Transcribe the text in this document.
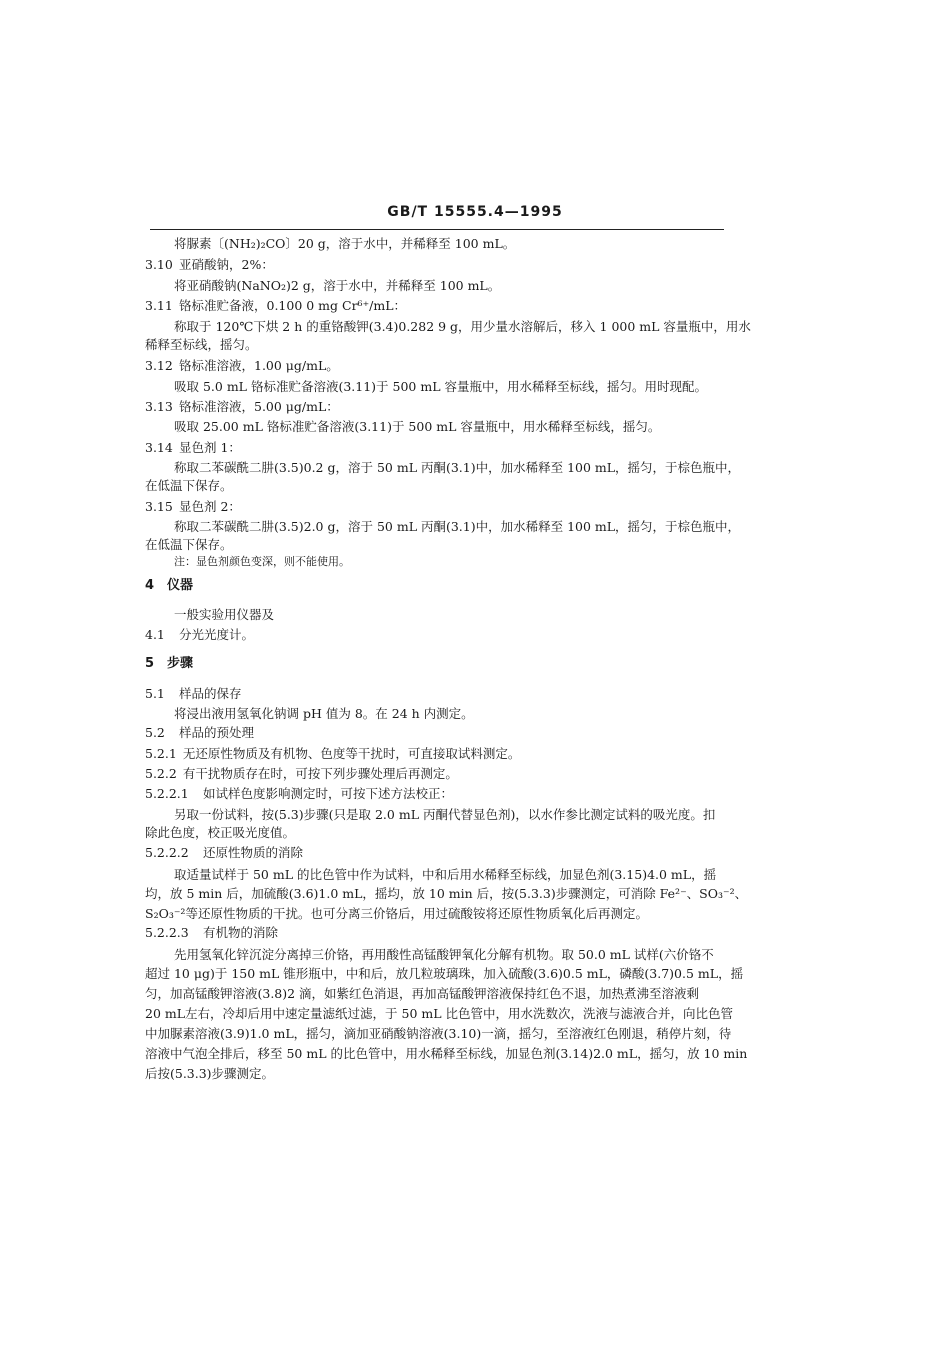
GB/T 15555.4—1995
将脲素〔(NH₂)₂CO〕20 g，溶于水中，并稀释至 100 mL。
3.10 亚硝酸钠，2%：
将亚硝酸钠(NaNO₂)2 g，溶于水中，并稀释至 100 mL。
3.11 铬标准贮备液，0.100 0 mg Cr⁶⁺/mL：
称取于 120℃下烘 2 h 的重铬酸钾(3.4)0.282 9 g，用少量水溶解后，移入 1 000 mL 容量瓶中，用水
稀释至标线，摇匀。
3.12 铬标准溶液，1.00 μg/mL。
吸取 5.0 mL 铬标准贮备溶液(3.11)于 500 mL 容量瓶中，用水稀释至标线，摇匀。用时现配。
3.13 铬标准溶液，5.00 μg/mL：
吸取 25.00 mL 铬标准贮备溶液(3.11)于 500 mL 容量瓶中，用水稀释至标线，摇匀。
3.14 显色剂 1：
称取二苯碳酰二肼(3.5)0.2 g，溶于 50 mL 丙酮(3.1)中，加水稀释至 100 mL，摇匀，于棕色瓶中，
在低温下保存。
3.15 显色剂 2：
称取二苯碳酰二肼(3.5)2.0 g，溶于 50 mL 丙酮(3.1)中，加水稀释至 100 mL，摇匀，于棕色瓶中，
在低温下保存。
注：显色剂颜色变深，则不能使用。
4 仪器
一般实验用仪器及
4.1 分光光度计。
5 步骤
5.1 样品的保存
将浸出液用氢氧化钠调 pH 值为 8。在 24 h 内测定。
5.2 样品的预处理
5.2.1 无还原性物质及有机物、色度等干扰时，可直接取试料测定。
5.2.2 有干扰物质存在时，可按下列步骤处理后再测定。
5.2.2.1 如试样色度影响测定时，可按下述方法校正：
另取一份试料，按(5.3)步骤(只是取 2.0 mL 丙酮代替显色剂)，以水作参比测定试料的吸光度。扣
除此色度，校正吸光度值。
5.2.2.2 还原性物质的消除
取适量试样于 50 mL 的比色管中作为试料，中和后用水稀释至标线，加显色剂(3.15)4.0 mL，摇
均，放 5 min 后，加硫酸(3.6)1.0 mL，摇均，放 10 min 后，按(5.3.3)步骤测定，可消除 Fe²⁻、SO₃⁻²、
S₂O₃⁻²等还原性物质的干扰。也可分离三价铬后，用过硫酸铵将还原性物质氧化后再测定。
5.2.2.3 有机物的消除
先用氢氧化锌沉淀分离掉三价铬，再用酸性高锰酸钾氧化分解有机物。取 50.0 mL 试样(六价铬不
超过 10 μg)于 150 mL 锥形瓶中，中和后，放几粒玻璃珠，加入硫酸(3.6)0.5 mL，磷酸(3.7)0.5 mL，摇
匀，加高锰酸钾溶液(3.8)2 滴，如紫红色消退，再加高锰酸钾溶液保持红色不退，加热煮沸至溶液剩
20 mL左右，冷却后用中速定量滤纸过滤，于 50 mL 比色管中，用水洗数次，洗液与滤液合并，向比色管
中加脲素溶液(3.9)1.0 mL，摇匀，滴加亚硝酸钠溶液(3.10)一滴，摇匀，至溶液红色刚退，稍停片刻，待
溶液中气泡全排后，移至 50 mL 的比色管中，用水稀释至标线，加显色剂(3.14)2.0 mL，摇匀，放 10 min
后按(5.3.3)步骤测定。
